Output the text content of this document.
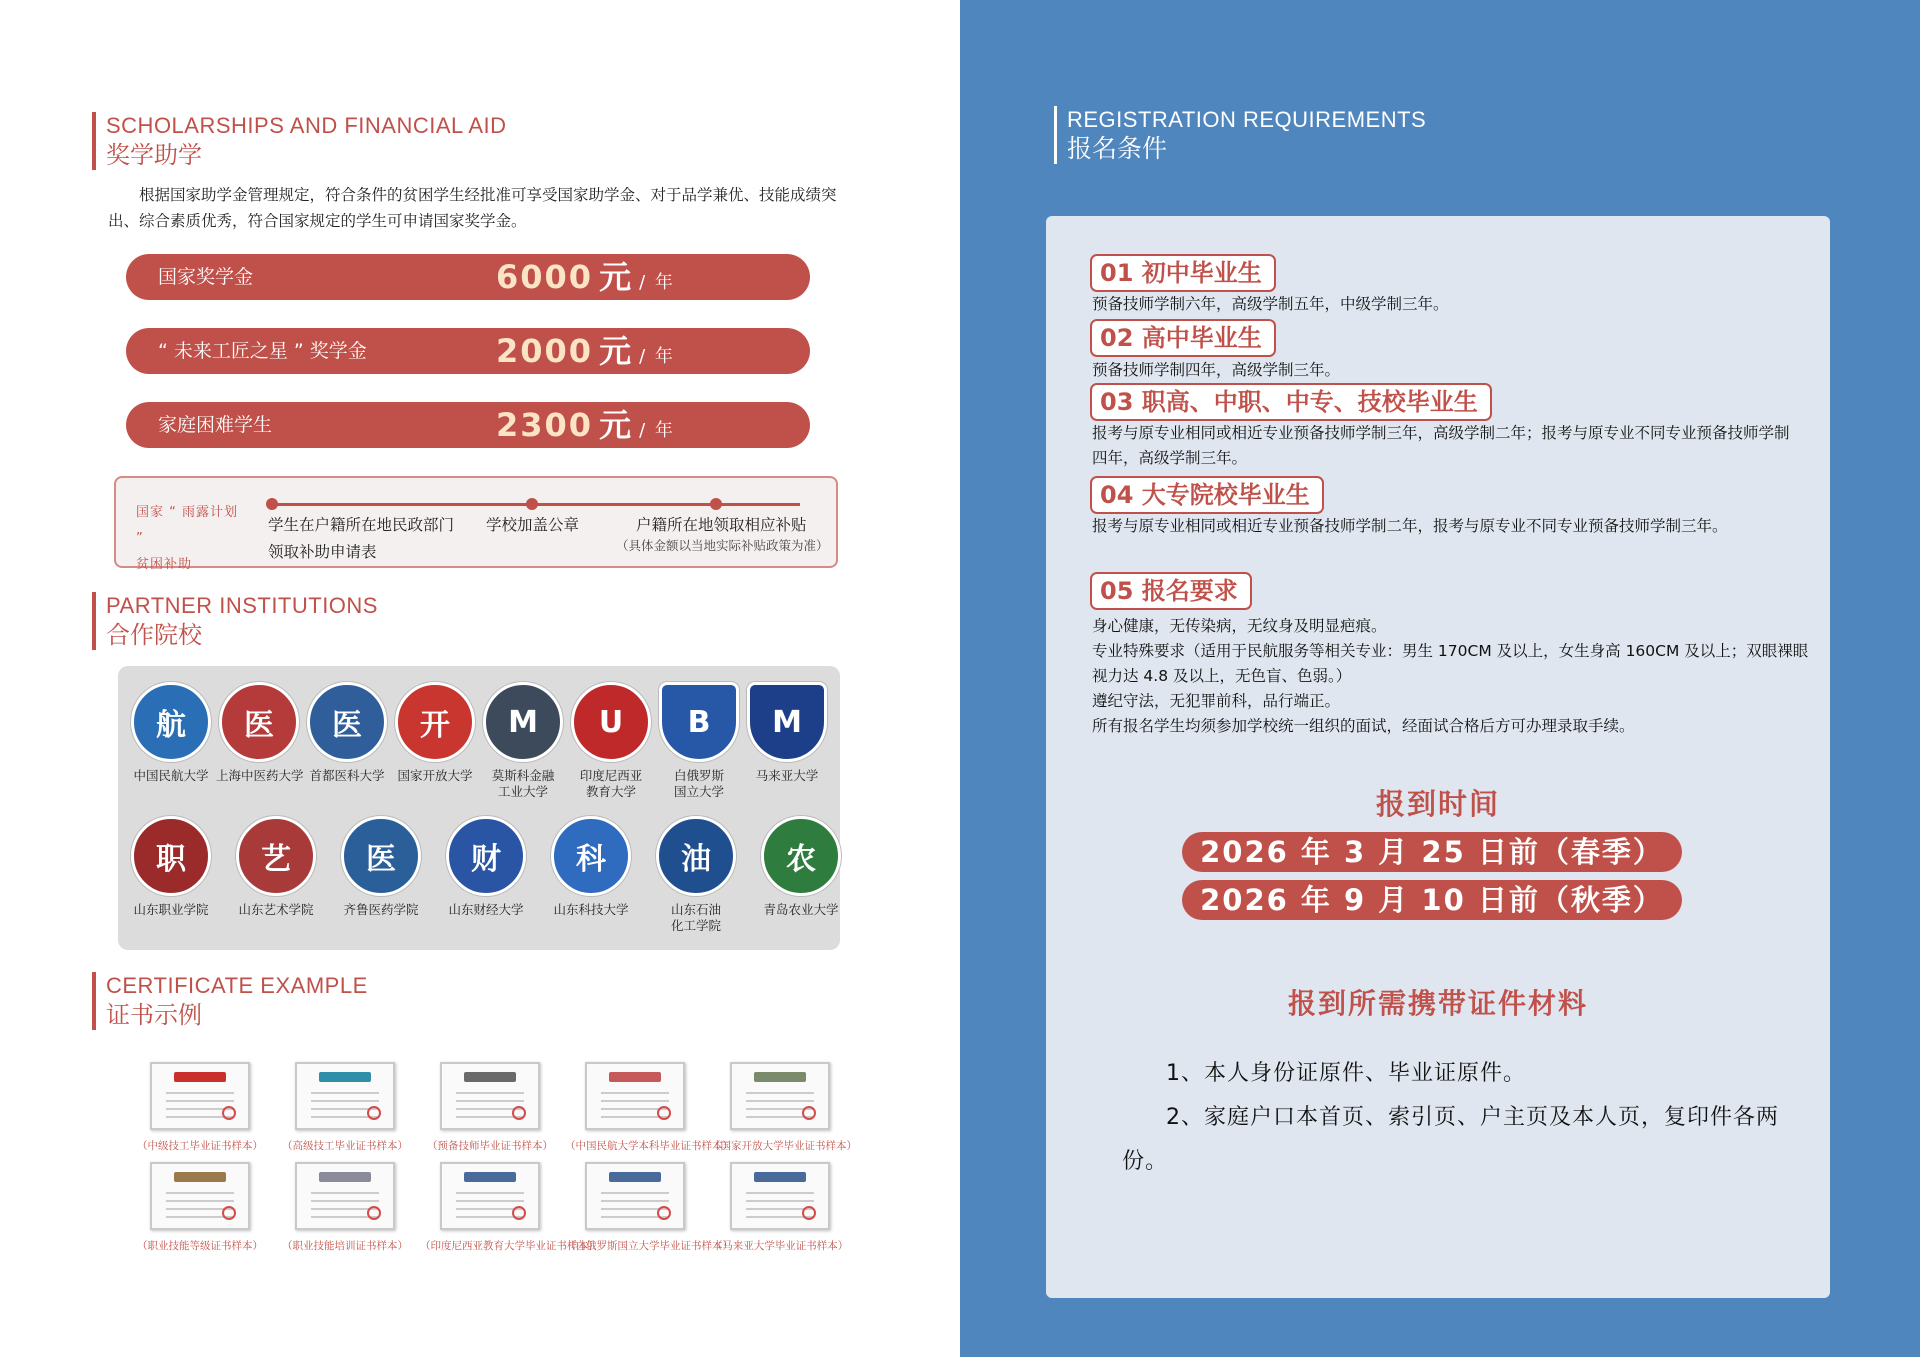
SCHOLARSHIPS AND FINANCIAL AID
奖学助学

根据国家助学金管理规定，符合条件的贫困学生经批准可享受国家助学金、对于品学兼优、技能成绩突出、综合素质优秀，符合国家规定的学生可申请国家奖学金。

国家奖学金	6000 元 / 年
“ 未来工匠之星 ” 奖学金	2000 元 / 年
家庭困难学生	2300 元 / 年
国家 “ 雨露计划 ”
贫困补助
学生在户籍所在地民政部门
领取补助申请表
学校加盖公章	户籍所在地领取相应补贴
（具体金额以当地实际补贴政策为准）
PARTNER INSTITUTIONS
合作院校
航
中国民航大学
医
上海中医药大学
医
首都医科大学
开
国家开放大学
M
莫斯科金融
工业大学
U
印度尼西亚
教育大学
B
白俄罗斯
国立大学
M
马来亚大学
职
山东职业学院
艺
山东艺术学院
医
齐鲁医药学院
财
山东财经大学
科
山东科技大学
油
山东石油
化工学院
农
青岛农业大学
CERTIFICATE EXAMPLE
证书示例
（中级技工毕业证书样本）	（高级技工毕业证书样本）	（预备技师毕业证书样本）	（中国民航大学本科毕业证书样本）
（国家开放大学毕业证书样本）
（职业技能等级证书样本）	（职业技能培训证书样本）	（印度尼西亚教育大学毕业证书样本）
（白俄罗斯国立大学毕业证书样本）
（马来亚大学毕业证书样本）
REGISTRATION REQUIREMENTS
报名条件
01 初中毕业生
预备技师学制六年，高级学制五年，中级学制三年。
02 高中毕业生
预备技师学制四年，高级学制三年。
03 职高、中职、中专、技校毕业生
报考与原专业相同或相近专业预备技师学制三年，高级学制二年；报考与原专业不同专业预备技师学制四年，高级学制三年。
04 大专院校毕业生
报考与原专业相同或相近专业预备技师学制二年，报考与原专业不同专业预备技师学制三年。
05 报名要求
身心健康，无传染病，无纹身及明显疤痕。
专业特殊要求（适用于民航服务等相关专业：男生 170CM 及以上，女生身高 160CM 及以上；双眼裸眼视力达 4.8 及以上，无色盲、色弱。）
遵纪守法，无犯罪前科，品行端正。
所有报名学生均须参加学校统一组织的面试，经面试合格后方可办理录取手续。
报到时间
2026 年 3 月 25 日前（春季）
2026 年 9 月 10 日前（秋季）
报到所需携带证件材料
1、本人身份证原件、毕业证原件。
2、家庭户口本首页、索引页、户主页及本人页，复印件各两份。
